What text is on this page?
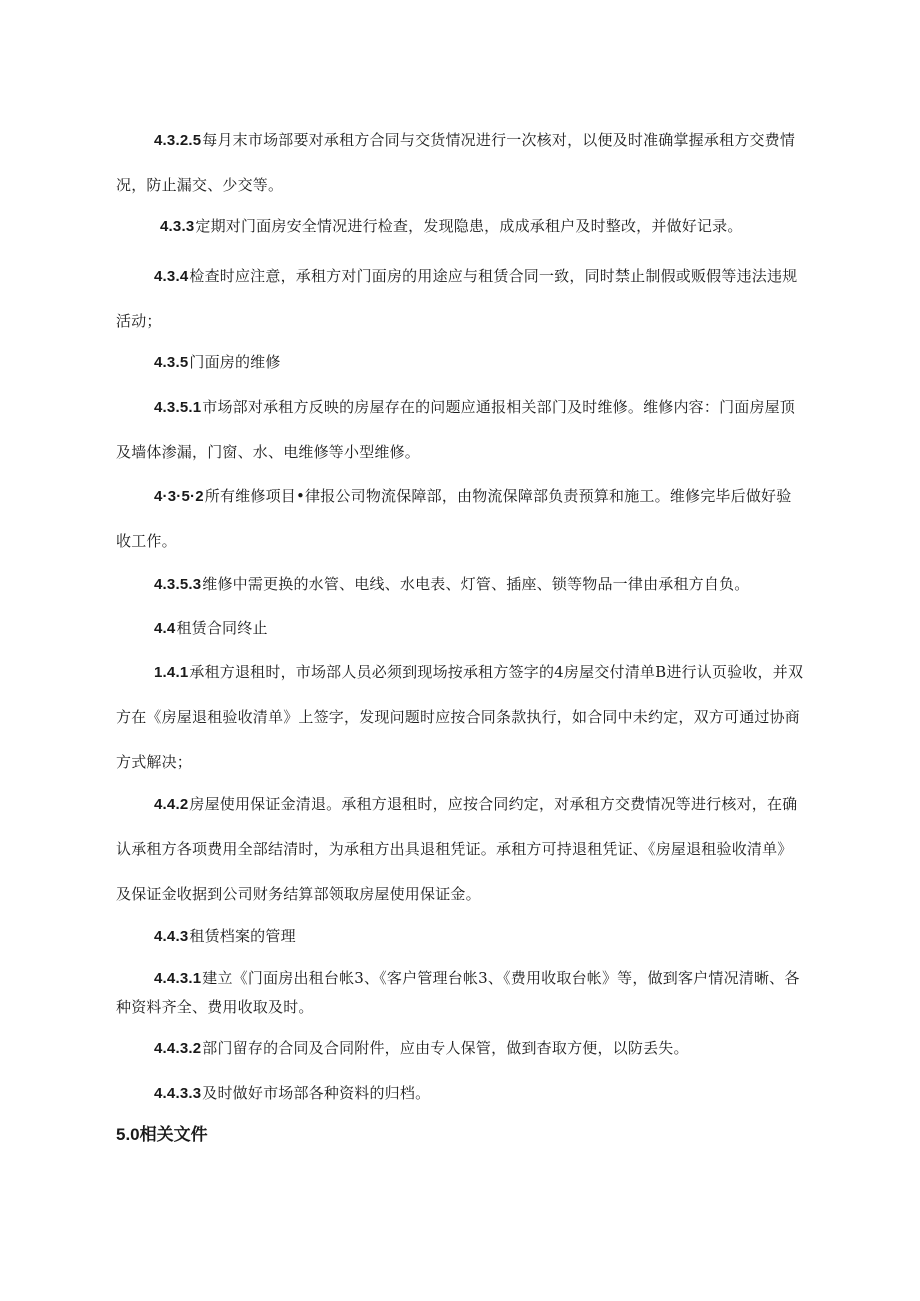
4.3.2.5每月末市场部要对承租方合同与交货情况进行一次核对，以便及时准确掌握承租方交费情况，防止漏交、少交等。

4.3.3定期对门面房安全情况进行检查，发现隐患，成成承租户及时整改，并做好记录。

4.3.4检查时应注意，承租方对门面房的用途应与租赁合同一致，同时禁止制假或贩假等违法违规活动；

4.3.5门面房的维修

4.3.5.1市场部对承租方反映的房屋存在的问题应通报相关部门及时维修。维修内容：门面房屋顶及墙体渗漏，门窗、水、电维修等小型维修。

4·3·5·2所有维修项目•律报公司物流保障部，由物流保障部负责预算和施工。维修完毕后做好验收工作。

4.3.5.3维修中需更换的水管、电线、水电表、灯管、插座、锁等物品一律由承租方自负。

4.4租赁合同终止

1.4.1承租方退租时，市场部人员必须到现场按承租方签字的4房屋交付清单B进行认页验收，并双方在《房屋退租验收清单》上签字，发现问题时应按合同条款执行，如合同中未约定，双方可通过协商方式解决；

4.4.2房屋使用保证金清退。承租方退租时，应按合同约定，对承租方交费情况等进行核对，在确认承租方各项费用全部结清时，为承租方出具退租凭证。承租方可持退租凭证、《房屋退租验收清单》及保证金收据到公司财务结算部领取房屋使用保证金。

4.4.3租赁档案的管理

4.4.3.1建立《门面房出租台帐3、《客户管理台帐3、《费用收取台帐》等，做到客户情况清晰、各种资料齐全、费用收取及时。

4.4.3.2部门留存的合同及合同附件，应由专人保管，做到杳取方便，以防丢失。

4.4.3.3及时做好市场部各种资料的归档。

5.0相关文件
